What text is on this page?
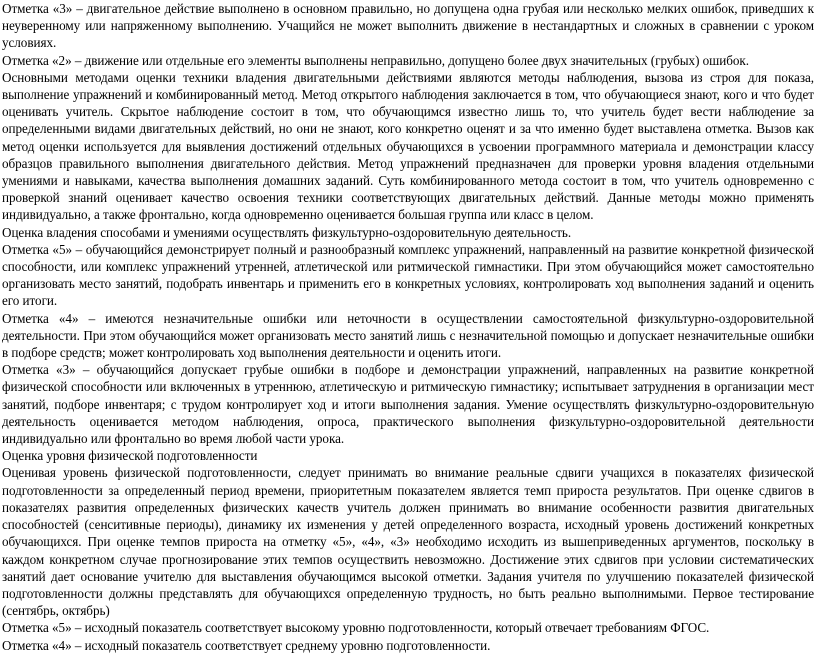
Отметка «3» – двигательное действие выполнено в основном правильно, но допущена одна грубая или несколько мелких ошибок, приведших к неуверенному или напряженному выполнению. Учащийся не может выполнить движение в нестандартных и сложных в сравнении с уроком условиях.

Отметка «2» – движение или отдельные его элементы выполнены неправильно, допущено более двух значительных (грубых) ошибок.

Основными методами оценки техники владения двигательными действиями являются методы наблюдения, вызова из строя для показа, выполнение упражнений и комбинированный метод. Метод открытого наблюдения заключается в том, что обучающиеся знают, кого и что будет оценивать учитель. Скрытое наблюдение состоит в том, что обучающимся известно лишь то, что учитель будет вести наблюдение за определенными видами двигательных действий, но они не знают, кого конкретно оценят и за что именно будет выставлена отметка. Вызов как метод оценки используется для выявления достижений отдельных обучающихся в усвоении программного материала и демонстрации классу образцов правильного выполнения двигательного действия. Метод упражнений предназначен для проверки уровня владения отдельными умениями и навыками, качества выполнения домашних заданий. Суть комбинированного метода состоит в том, что учитель одновременно с проверкой знаний оценивает качество освоения техники соответствующих двигательных действий. Данные методы можно применять индивидуально, а также фронтально, когда одновременно оценивается большая группа или класс в целом.

Оценка владения способами и умениями осуществлять физкультурно-оздоровительную деятельность.

Отметка «5» – обучающийся демонстрирует полный и разнообразный комплекс упражнений, направленный на развитие конкретной физической способности, или комплекс упражнений утренней, атлетической или ритмической гимнастики. При этом обучающийся может самостоятельно организовать место занятий, подобрать инвентарь и применить его в конкретных условиях, контролировать ход выполнения заданий и оценить его итоги.

Отметка «4» – имеются незначительные ошибки или неточности в осуществлении самостоятельной физкультурно-оздоровительной деятельности. При этом обучающийся может организовать место занятий лишь с незначительной помощью и допускает незначительные ошибки в подборе средств; может контролировать ход выполнения деятельности и оценить итоги.

Отметка «3» – обучающийся допускает грубые ошибки в подборе и демонстрации упражнений, направленных на развитие конкретной физической способности или включенных в утреннюю, атлетическую и ритмическую гимнастику; испытывает затруднения в организации мест занятий, подборе инвентаря; с трудом контролирует ход и итоги выполнения задания. Умение осуществлять физкультурно-оздоровительную деятельность оценивается методом наблюдения, опроса, практического выполнения физкультурно-оздоровительной деятельности индивидуально или фронтально во время любой части урока.

Оценка уровня физической подготовленности

Оценивая уровень физической подготовленности, следует принимать во внимание реальные сдвиги учащихся в показателях физической подготовленности за определенный период времени, приоритетным показателем является темп прироста результатов. При оценке сдвигов в показателях развития определенных физических качеств учитель должен принимать во внимание особенности развития двигательных способностей (сенситивные периоды), динамику их изменения у детей определенного возраста, исходный уровень достижений конкретных обучающихся. При оценке темпов прироста на отметку «5», «4», «3» необходимо исходить из вышеприведенных аргументов, поскольку в каждом конкретном случае прогнозирование этих темпов осуществить невозможно. Достижение этих сдвигов при условии систематических занятий дает основание учителю для выставления обучающимся высокой отметки. Задания учителя по улучшению показателей физической подготовленности должны представлять для обучающихся определенную трудность, но быть реально выполнимыми. Первое тестирование (сентябрь, октябрь)

Отметка «5» – исходный показатель соответствует высокому уровню подготовленности, который отвечает требованиям ФГОС.

Отметка «4» – исходный показатель соответствует среднему уровню подготовленности.
